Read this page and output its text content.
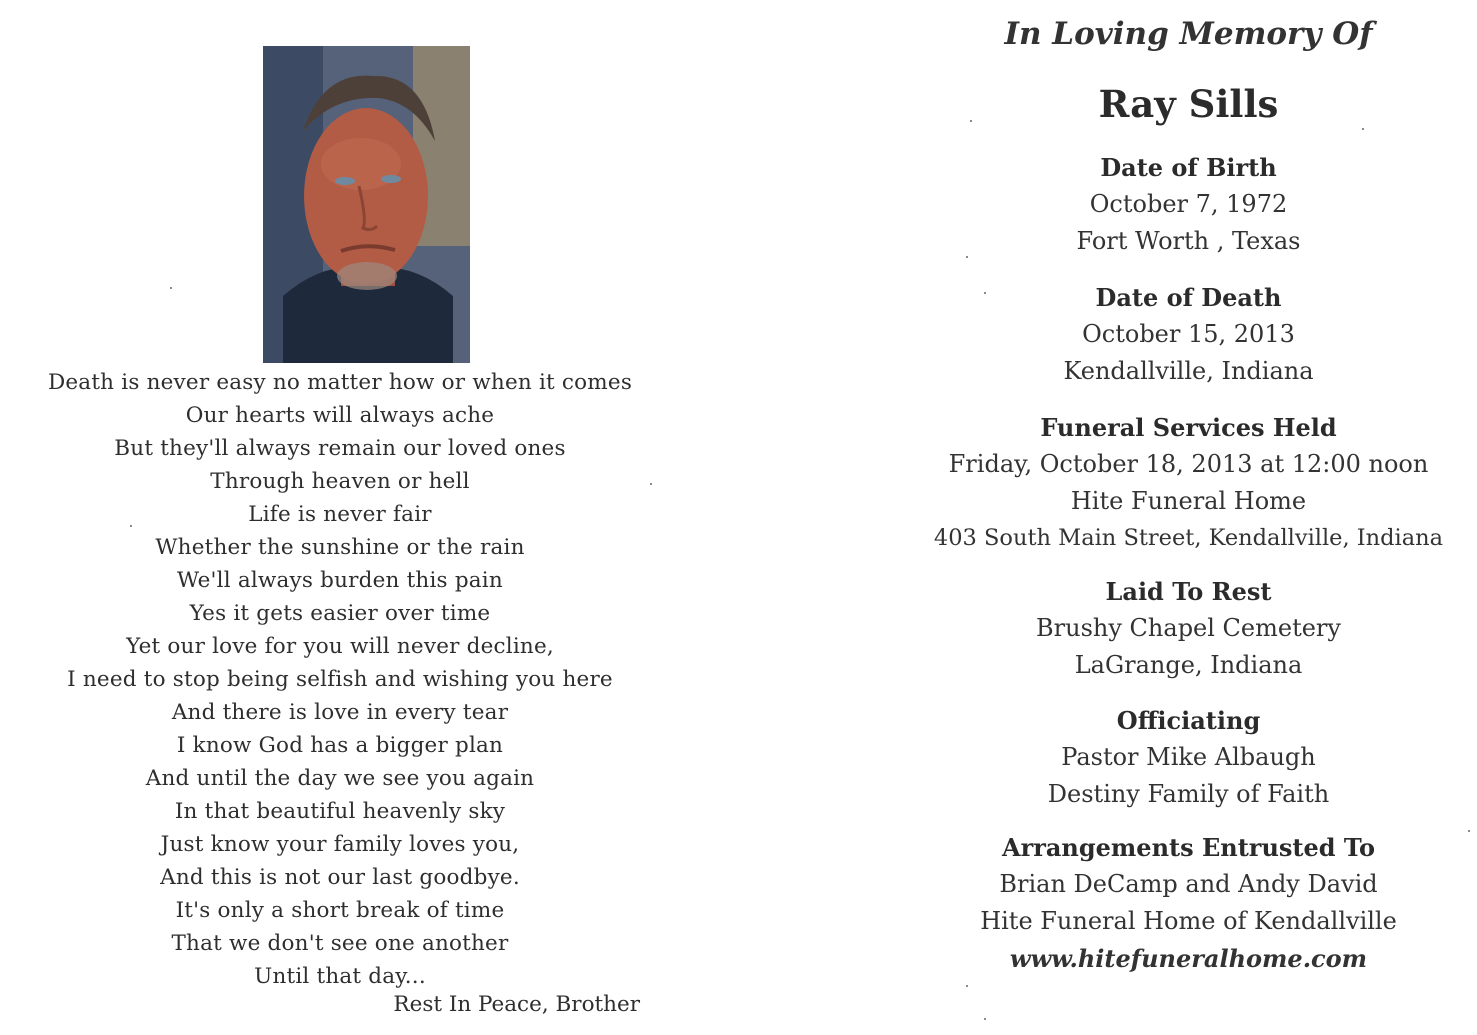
Death is never easy no matter how or when it comes
Our hearts will always ache
But they'll always remain our loved ones
Through heaven or hell
Life is never fair
Whether the sunshine or the rain
We'll always burden this pain
Yes it gets easier over time
Yet our love for you will never decline,
I need to stop being selfish and wishing you here
And there is love in every tear
I know God has a bigger plan
And until the day we see you again
In that beautiful heavenly sky
Just know your family loves you,
And this is not our last goodbye.
It's only a short break of time
That we don't see one another
Until that day...
Rest In Peace, Brother
In Loving Memory Of
Ray Sills
Date of Birth
October 7, 1972
Fort Worth , Texas
Date of Death
October 15, 2013
Kendallville, Indiana
Funeral Services Held
Friday, October 18, 2013 at 12:00 noon
Hite Funeral Home
403 South Main Street, Kendallville, Indiana
Laid To Rest
Brushy Chapel Cemetery
LaGrange, Indiana
Officiating
Pastor Mike Albaugh
Destiny Family of Faith
Arrangements Entrusted To
Brian DeCamp and Andy David
Hite Funeral Home of Kendallville
www.hitefuneralhome.com
